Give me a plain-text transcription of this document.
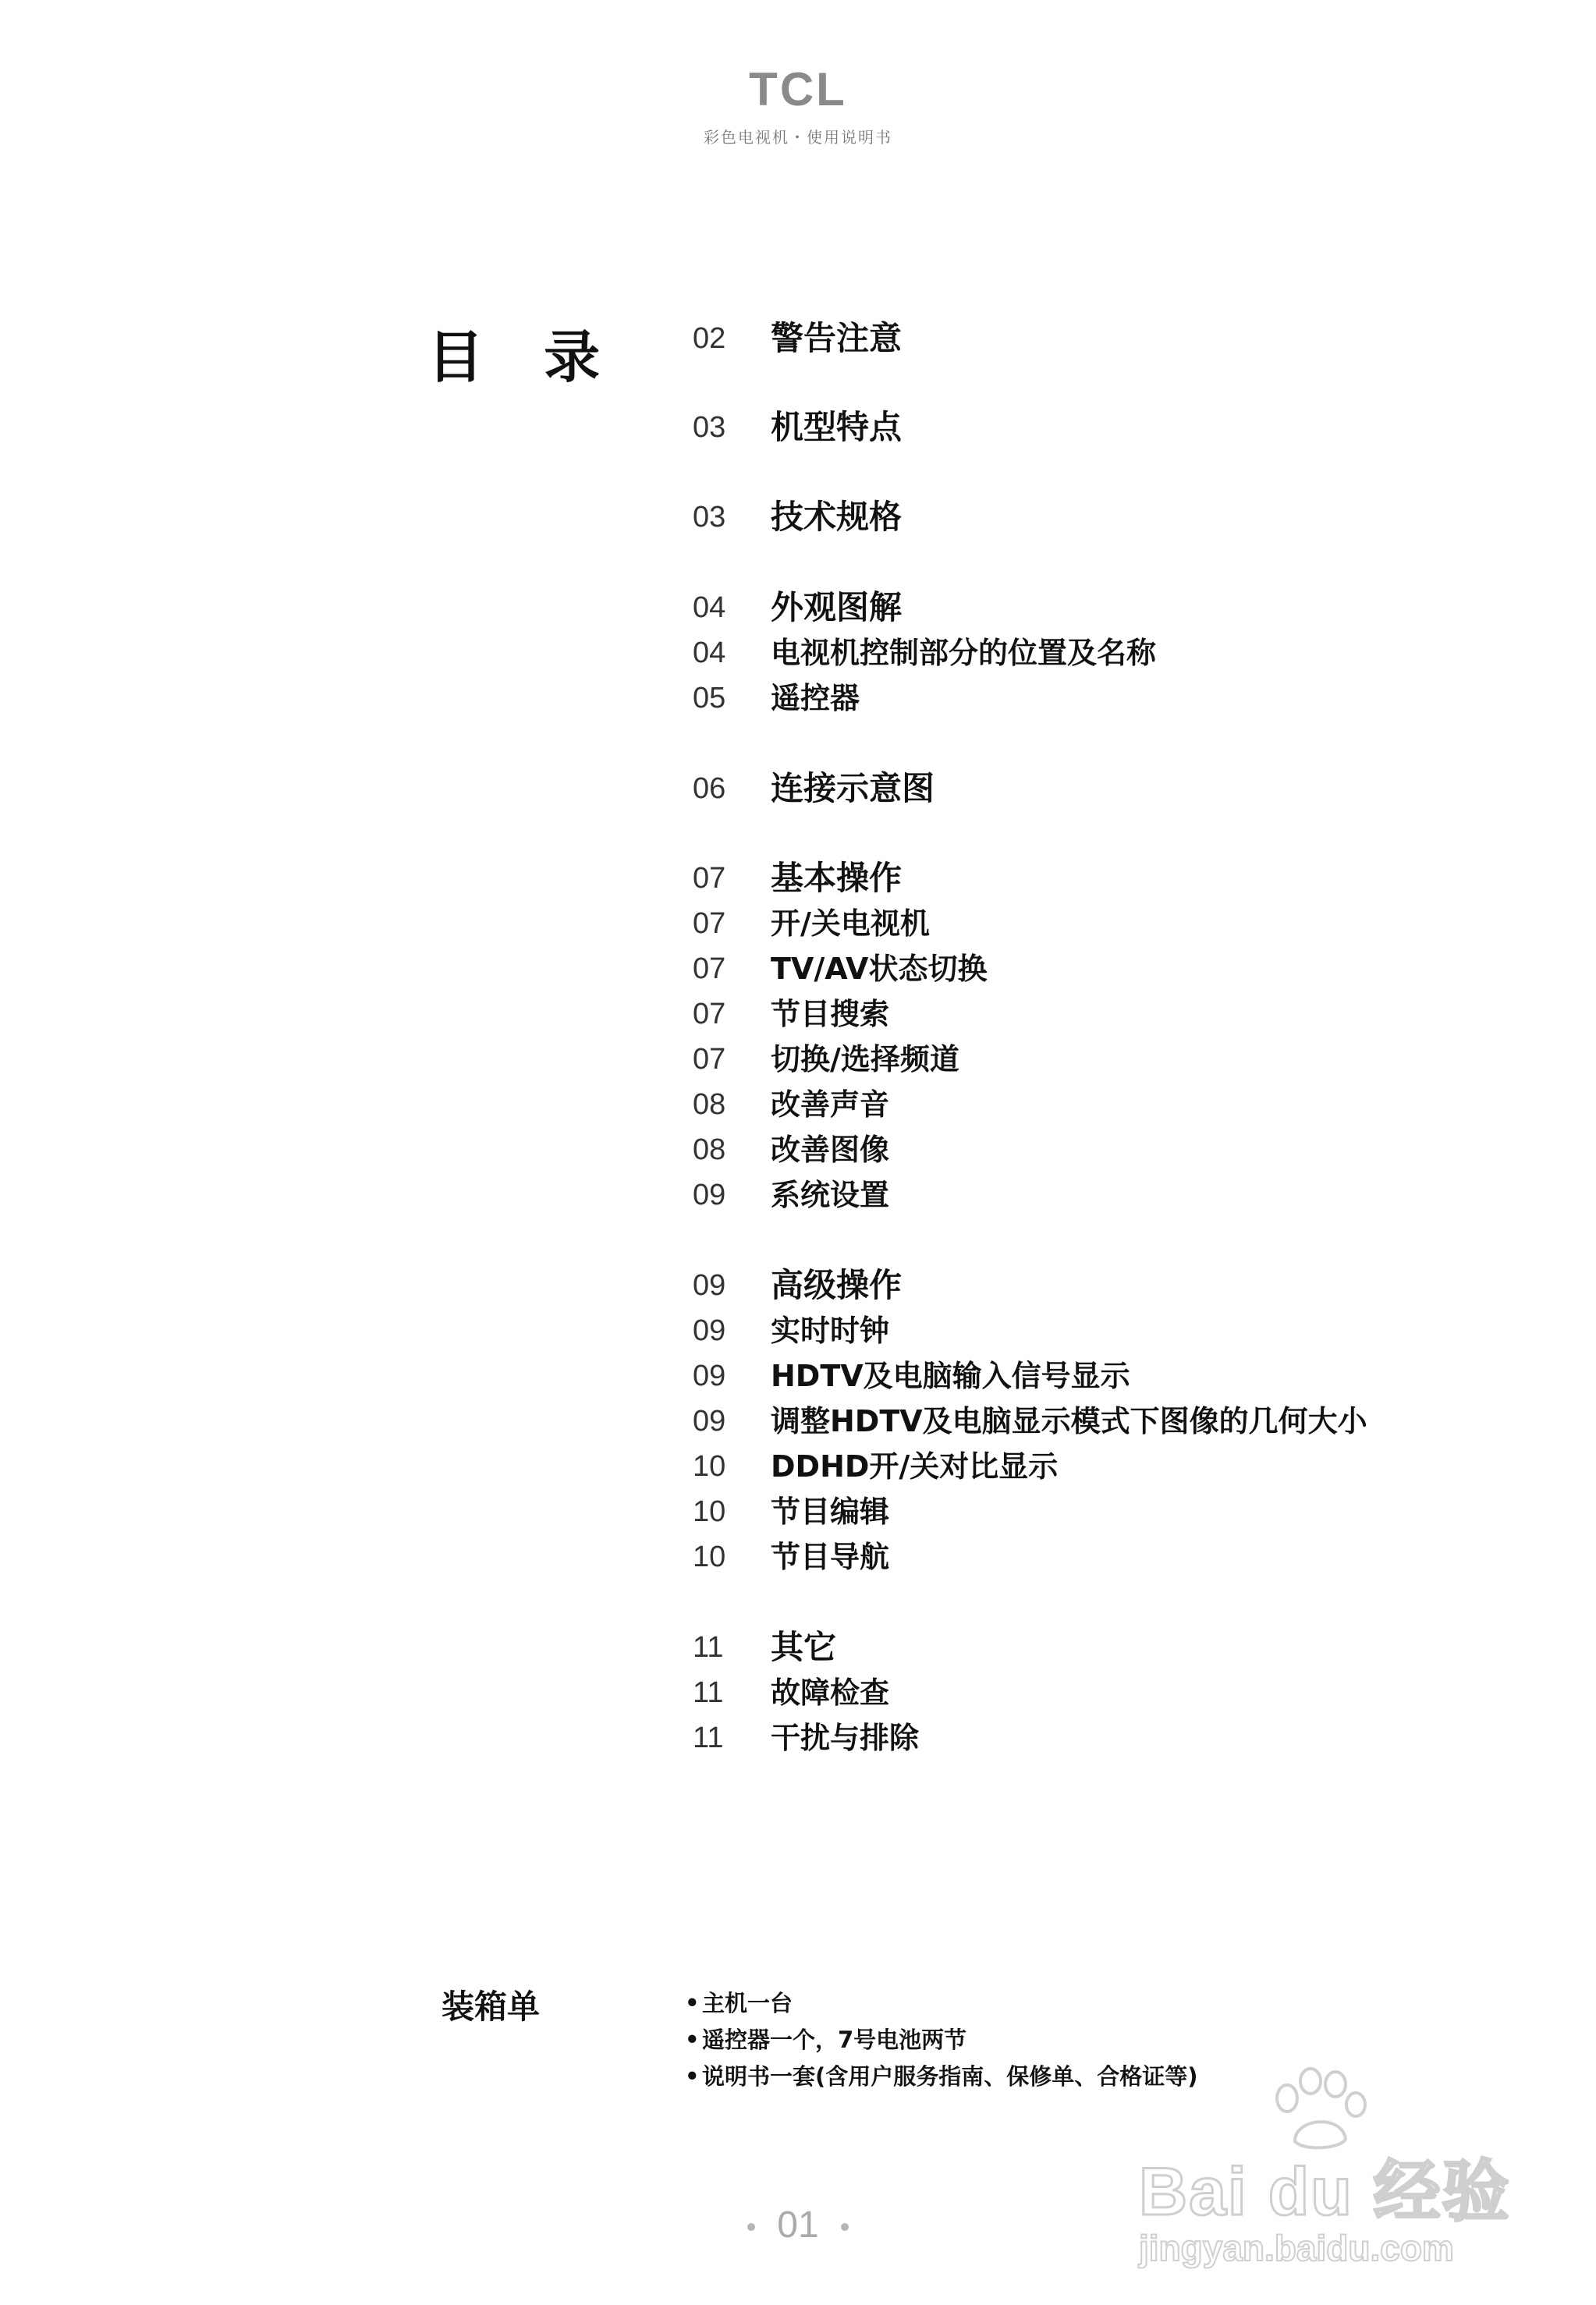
TCL
彩色电视机・使用说明书
目 录 02	警告注意
03	机型特点
03	技术规格
04	外观图解
04	电视机控制部分的位置及名称
05	遥控器
06	连接示意图
07	基本操作
07	开/关电视机
07	TV/AV状态切换
07	节目搜索
07	切换/选择频道
08	改善声音
08	改善图像
09	系统设置
09	高级操作
09	实时时钟
09	HDTV及电脑输入信号显示
09	调整HDTV及电脑显示模式下图像的几何大小
10	DDHD开/关对比显示
10	节目编辑
10	节目导航
11	其它
11	故障检查
11	干扰与排除
装箱单	• 主机一台
• 遥控器一个，7号电池两节
• 说明书一套(含用户服务指南、保修单、合格证等)
01	Bai du 经验
jingyan.baidu.com
